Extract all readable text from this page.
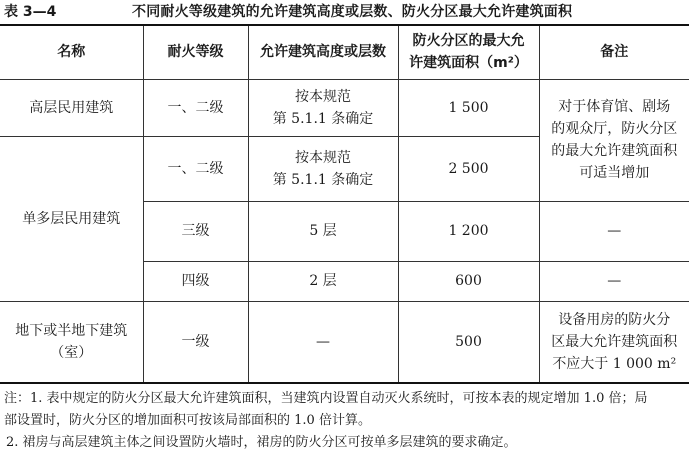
表 3—4	不同耐火等级建筑的允许建筑高度或层数、防火分区最大允许建筑面积
名称	耐火等级	允许建筑高度或层数	防火分区的最大允
许建筑面积（m²）	备注
高层民用建筑	一、二级	按本规范
第 5.1.1 条确定	1 500	对于体育馆、剧场
的观众厅，防火分区
的最大允许建筑面积
可适当增加

单多层民用建筑	一、二级	按本规范
第 5.1.1 条确定	2 500	
	三级	5 层	1 200	—
	四级	2 层	600	—

地下或半地下建筑
（室）	一级	—	500	设备用房的防火分
区最大允许建筑面积
不应大于 1 000 m²
注：1. 表中规定的防火分区最大允许建筑面积，当建筑内设置自动灭火系统时，可按本表的规定增加 1.0 倍；局
部设置时，防火分区的增加面积可按该局部面积的 1.0 倍计算。
2. 裙房与高层建筑主体之间设置防火墙时，裙房的防火分区可按单多层建筑的要求确定。
